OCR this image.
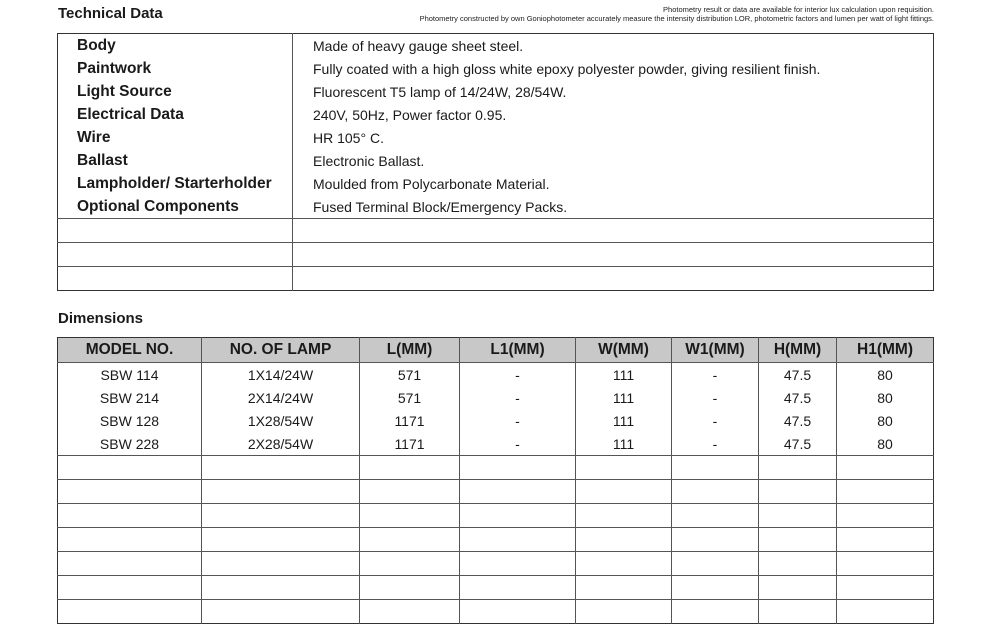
Technical Data	Photometry result or data are available for interior lux calculation upon requisition.
Photometry constructed by own Goniophotometer accurately measure the intensity distribution LOR, photometric factors and lumen per watt of light fittings.
Body	Made of heavy gauge sheet steel.
Paintwork	Fully coated with a high gloss white epoxy polyester powder, giving resilient finish.
Light Source	Fluorescent T5 lamp of 14/24W, 28/54W.
Electrical Data	240V, 50Hz, Power factor 0.95.
Wire	HR 105° C.
Ballast	Electronic Ballast.
Lampholder/ Starterholder	Moulded from Polycarbonate Material.
Optional Components	Fused Terminal Block/Emergency Packs.

Dimensions
MODEL NO.	NO. OF LAMP	L(MM)	L1(MM)	W(MM)	W1(MM)	H(MM)	H1(MM)
SBW 114	1X14/24W	571	-	111	-	47.5	80
SBW 214	2X14/24W	571	-	111	-	47.5	80
SBW 128	1X28/54W	1171	-	111	-	47.5	80
SBW 228	2X28/54W	1171	-	111	-	47.5	80
